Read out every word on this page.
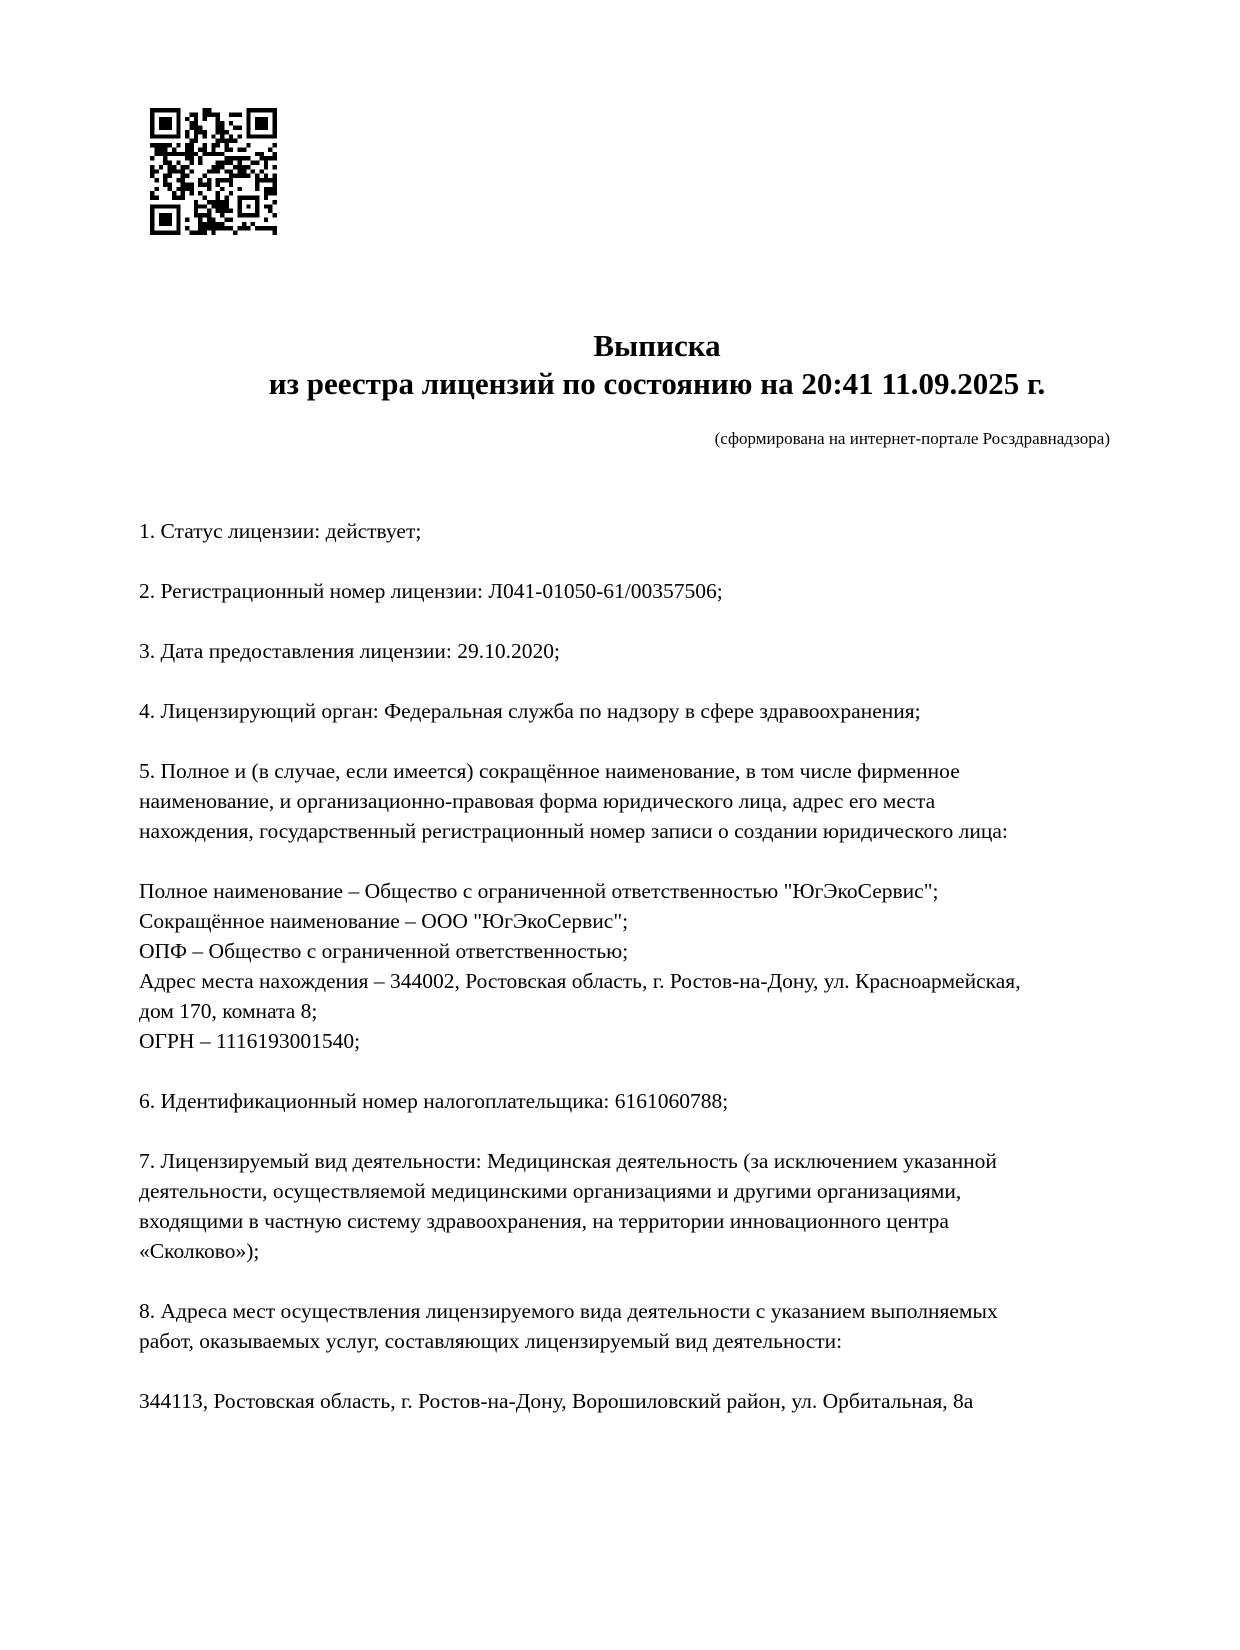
Выписка
из реестра лицензий по состоянию на 20:41 11.09.2025 г.
(сформирована на интернет-портале Росздравнадзора)
1. Статус лицензии: действует;
2. Регистрационный номер лицензии: Л041-01050-61/00357506;
3. Дата предоставления лицензии: 29.10.2020;
4. Лицензирующий орган: Федеральная служба по надзору в сфере здравоохранения;
5. Полное и (в случае, если имеется) сокращённое наименование, в том числе фирменное
наименование, и организационно-правовая форма юридического лица, адрес его места
нахождения, государственный регистрационный номер записи о создании юридического лица:
Полное наименование – Общество с ограниченной ответственностью "ЮгЭкоСервис";
Сокращённое наименование – ООО "ЮгЭкоСервис";
ОПФ – Общество с ограниченной ответственностью;
Адрес места нахождения – 344002, Ростовская область, г. Ростов-на-Дону, ул. Красноармейская,
дом 170, комната 8;
ОГРН – 1116193001540;
6. Идентификационный номер налогоплательщика: 6161060788;
7. Лицензируемый вид деятельности: Медицинская деятельность (за исключением указанной
деятельности, осуществляемой медицинскими организациями и другими организациями,
входящими в частную систему здравоохранения, на территории инновационного центра
«Сколково»);
8. Адреса мест осуществления лицензируемого вида деятельности с указанием выполняемых
работ, оказываемых услуг, составляющих лицензируемый вид деятельности:
344113, Ростовская область, г. Ростов-на-Дону, Ворошиловский район, ул. Орбитальная, 8а
